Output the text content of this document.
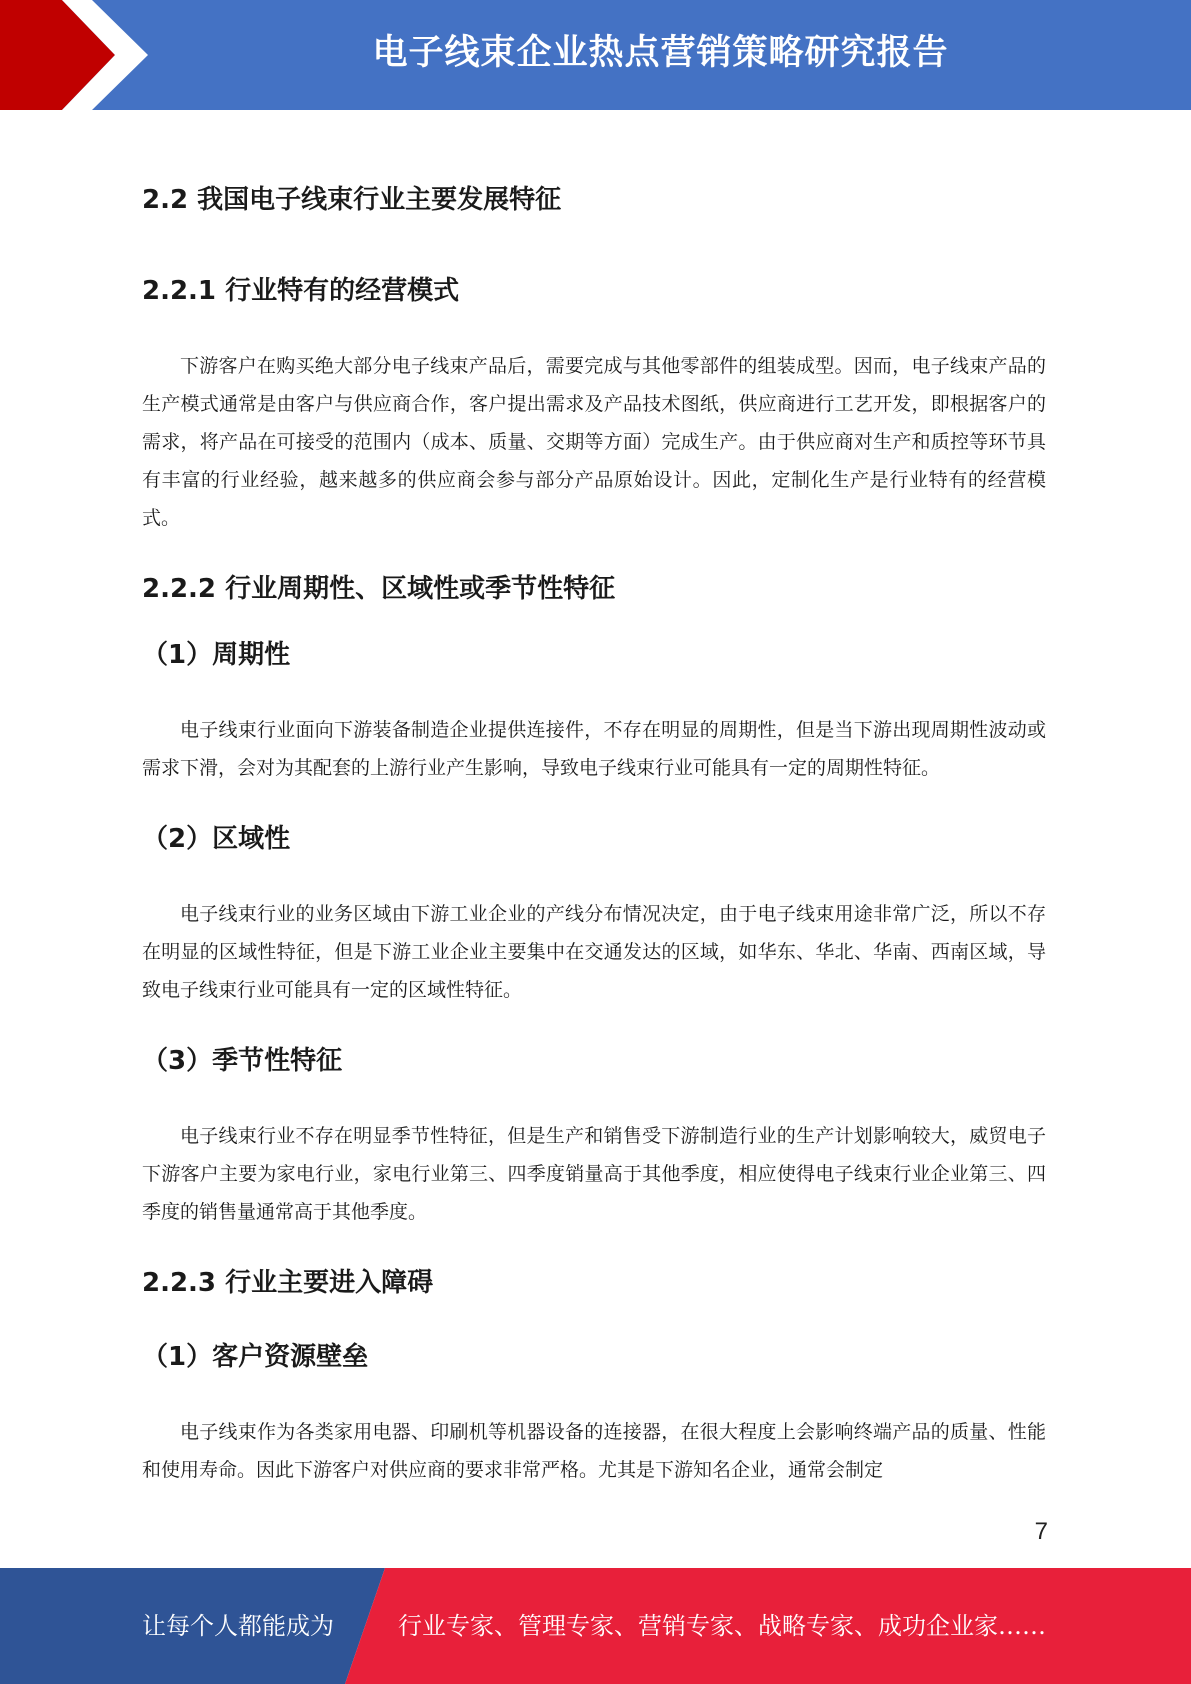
电子线束企业热点营销策略研究报告
2.2 我国电子线束行业主要发展特征
2.2.1 行业特有的经营模式

下游客户在购买绝大部分电子线束产品后，需要完成与其他零部件的组装成型。因而，电子线束产品的生产模式通常是由客户与供应商合作，客户提出需求及产品技术图纸，供应商进行工艺开发，即根据客户的需求，将产品在可接受的范围内（成本、质量、交期等方面）完成生产。由于供应商对生产和质控等环节具有丰富的行业经验，越来越多的供应商会参与部分产品原始设计。因此，定制化生产是行业特有的经营模式。

2.2.2 行业周期性、区域性或季节性特征
（1）周期性

电子线束行业面向下游装备制造企业提供连接件，不存在明显的周期性，但是当下游出现周期性波动或需求下滑，会对为其配套的上游行业产生影响，导致电子线束行业可能具有一定的周期性特征。

（2）区域性

电子线束行业的业务区域由下游工业企业的产线分布情况决定，由于电子线束用途非常广泛，所以不存在明显的区域性特征，但是下游工业企业主要集中在交通发达的区域，如华东、华北、华南、西南区域，导致电子线束行业可能具有一定的区域性特征。

（3）季节性特征

电子线束行业不存在明显季节性特征，但是生产和销售受下游制造行业的生产计划影响较大，威贸电子下游客户主要为家电行业，家电行业第三、四季度销量高于其他季度，相应使得电子线束行业企业第三、四季度的销售量通常高于其他季度。

2.2.3 行业主要进入障碍
（1）客户资源壁垒

电子线束作为各类家用电器、印刷机等机器设备的连接器，在很大程度上会影响终端产品的质量、性能和使用寿命。因此下游客户对供应商的要求非常严格。尤其是下游知名企业，通常会制定

7
让每个人都能成为	行业专家、管理专家、营销专家、战略专家、成功企业家……
